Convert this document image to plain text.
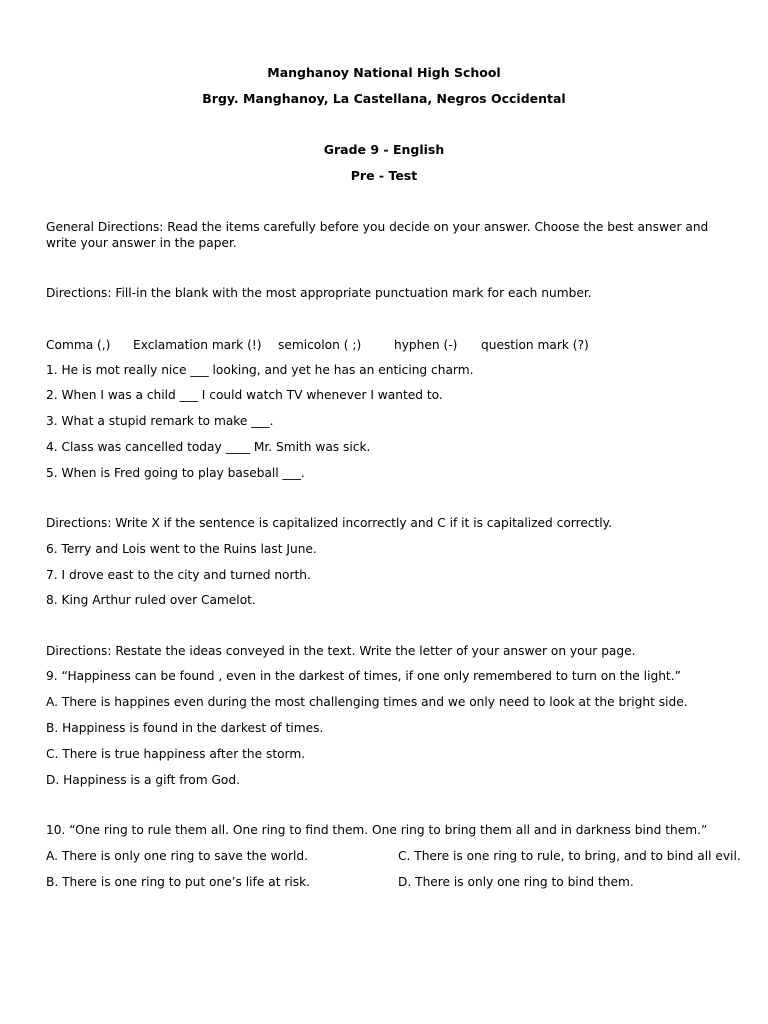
Manghanoy National High School
Brgy. Manghanoy, La Castellana, Negros Occidental
Grade 9 - English
Pre - Test
General Directions: Read the items carefully before you decide on your answer. Choose the best answer and write your answer in the paper.
Directions: Fill-in the blank with the most appropriate punctuation mark for each number.
Comma (,) Exclamation mark (!) semicolon ( ;)	hyphen (-) question mark (?)
1. He is mot really nice ___ looking, and yet he has an enticing charm.
2. When I was a child ___ I could watch TV whenever I wanted to.
3. What a stupid remark to make ___.
4. Class was cancelled today ____ Mr. Smith was sick.
5. When is Fred going to play baseball ___.
Directions: Write X if the sentence is capitalized incorrectly and C if it is capitalized correctly.
6. Terry and Lois went to the Ruins last June.
7. I drove east to the city and turned north.
8. King Arthur ruled over Camelot.
Directions: Restate the ideas conveyed in the text. Write the letter of your answer on your page.
9. “Happiness can be found , even in the darkest of times, if one only remembered to turn on the light.”
A. There is happines even during the most challenging times and we only need to look at the bright side.
B. Happiness is found in the darkest of times.
C. There is true happiness after the storm.
D. Happiness is a gift from God.
10. “One ring to rule them all. One ring to find them. One ring to bring them all and in darkness bind them.”
A. There is only one ring to save the world.	C. There is one ring to rule, to bring, and to bind all evil.
B. There is one ring to put one’s life at risk.	D. There is only one ring to bind them.
